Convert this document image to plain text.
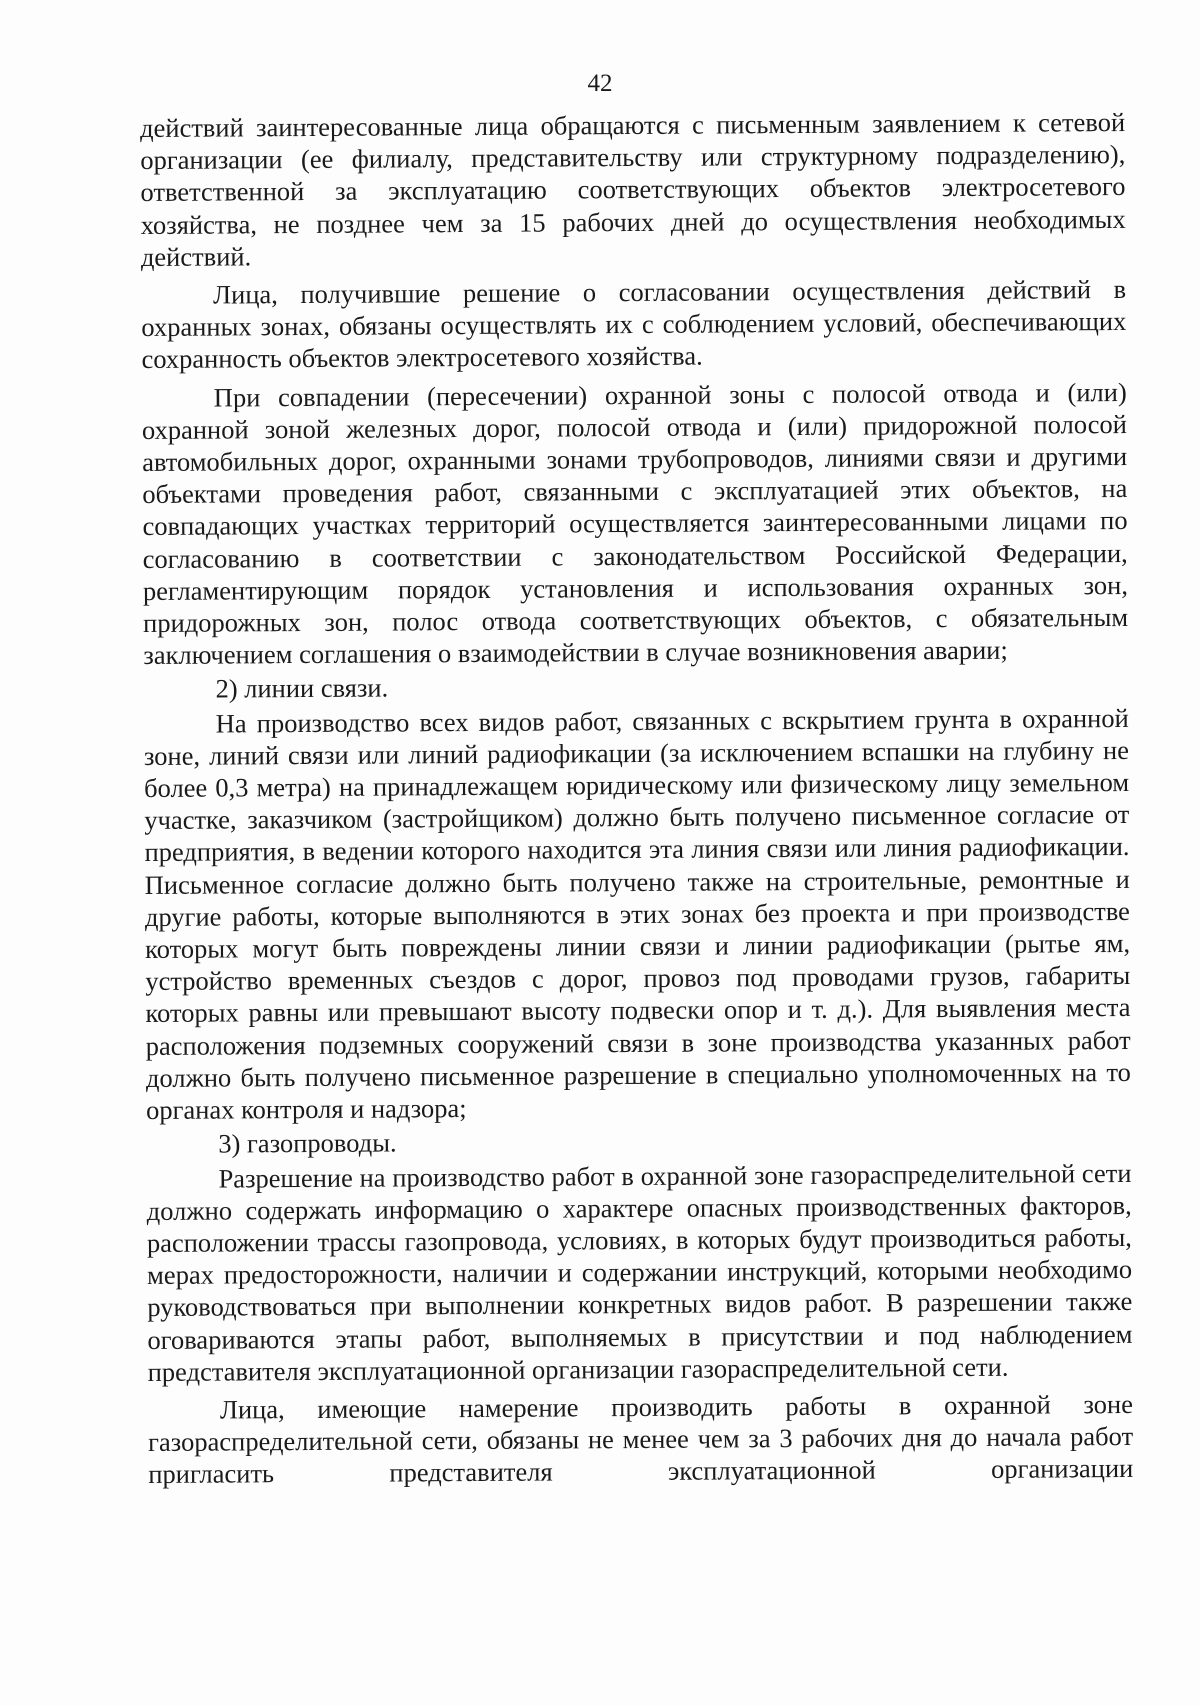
42

действий заинтересованные лица обращаются с письменным заявлением к сетевой организации (ее филиалу, представительству или структурному подразделению), ответственной за эксплуатацию соответствующих объектов электросетевого хозяйства, не позднее чем за 15 рабочих дней до осуществления необходимых действий.

Лица, получившие решение о согласовании осуществления действий в охранных зонах, обязаны осуществлять их с соблюдением условий, обеспечивающих сохранность объектов электросетевого хозяйства.

При совпадении (пересечении) охранной зоны с полосой отвода и (или) охранной зоной железных дорог, полосой отвода и (или) придорожной полосой автомобильных дорог, охранными зонами трубопроводов, линиями связи и другими объектами проведения работ, связанными с эксплуатацией этих объектов, на совпадающих участках территорий осуществляется заинтересованными лицами по согласованию в соответствии с законодательством Российской Федерации, регламентирующим порядок установления и использования охранных зон, придорожных зон, полос отвода соответствующих объектов, с обязательным заключением соглашения о взаимодействии в случае возникновения аварии;

2) линии связи.

На производство всех видов работ, связанных с вскрытием грунта в охранной зоне, линий связи или линий радиофикации (за исключением вспашки на глубину не более 0,3 метра) на принадлежащем юридическому или физическому лицу земельном участке, заказчиком (застройщиком) должно быть получено письменное согласие от предприятия, в ведении которого находится эта линия связи или линия радиофикации. Письменное согласие должно быть получено также на строительные, ремонтные и другие работы, которые выполняются в этих зонах без проекта и при производстве которых могут быть повреждены линии связи и линии радиофикации (рытье ям, устройство временных съездов с дорог, провоз под проводами грузов, габариты которых равны или превышают высоту подвески опор и т. д.). Для выявления места расположения подземных сооружений связи в зоне производства указанных работ должно быть получено письменное разрешение в специально уполномоченных на то органах контроля и надзора;

3) газопроводы.

Разрешение на производство работ в охранной зоне газораспределительной сети должно содержать информацию о характере опасных производственных факторов, расположении трассы газопровода, условиях, в которых будут производиться работы, мерах предосторожности, наличии и содержании инструкций, которыми необходимо руководствоваться при выполнении конкретных видов работ. В разрешении также оговариваются этапы работ, выполняемых в присутствии и под наблюдением представителя эксплуатационной организации газораспределительной сети.

Лица, имеющие намерение производить работы в охранной зоне газораспределительной сети, обязаны не менее чем за 3 рабочих дня до начала работ пригласить представителя эксплуатационной организации
